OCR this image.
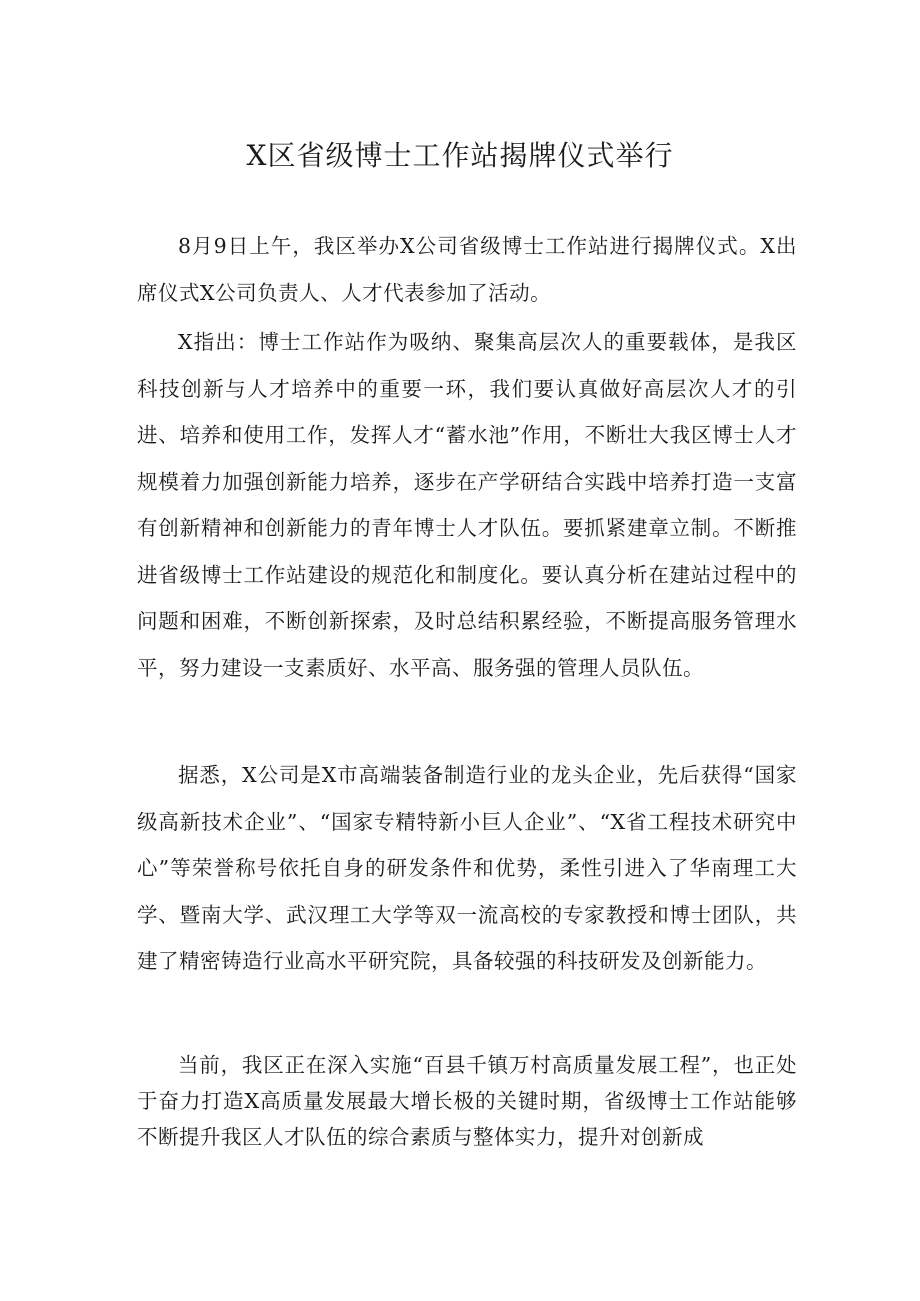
X区省级博士工作站揭牌仪式举行

8月9日上午，我区举办X公司省级博士工作站进行揭牌仪式。X出席仪式X公司负责人、人才代表参加了活动。

X指出：博士工作站作为吸纳、聚集高层次人的重要载体，是我区科技创新与人才培养中的重要一环，我们要认真做好高层次人才的引进、培养和使用工作，发挥人才“蓄水池”作用，不断壮大我区博士人才规模着力加强创新能力培养，逐步在产学研结合实践中培养打造一支富有创新精神和创新能力的青年博士人才队伍。要抓紧建章立制。不断推进省级博士工作站建设的规范化和制度化。要认真分析在建站过程中的问题和困难，不断创新探索，及时总结积累经验，不断提高服务管理水平，努力建设一支素质好、水平高、服务强的管理人员队伍。

据悉，X公司是X市高端装备制造行业的龙头企业，先后获得“国家级高新技术企业”、“国家专精特新小巨人企业”、“X省工程技术研究中心”等荣誉称号依托自身的研发条件和优势，柔性引进入了华南理工大学、暨南大学、武汉理工大学等双一流高校的专家教授和博士团队，共建了精密铸造行业高水平研究院，具备较强的科技研发及创新能力。

当前，我区正在深入实施“百县千镇万村高质量发展工程”，也正处于奋力打造X高质量发展最大增长极的关键时期，省级博士工作站能够不断提升我区人才队伍的综合素质与整体实力，提升对创新成
